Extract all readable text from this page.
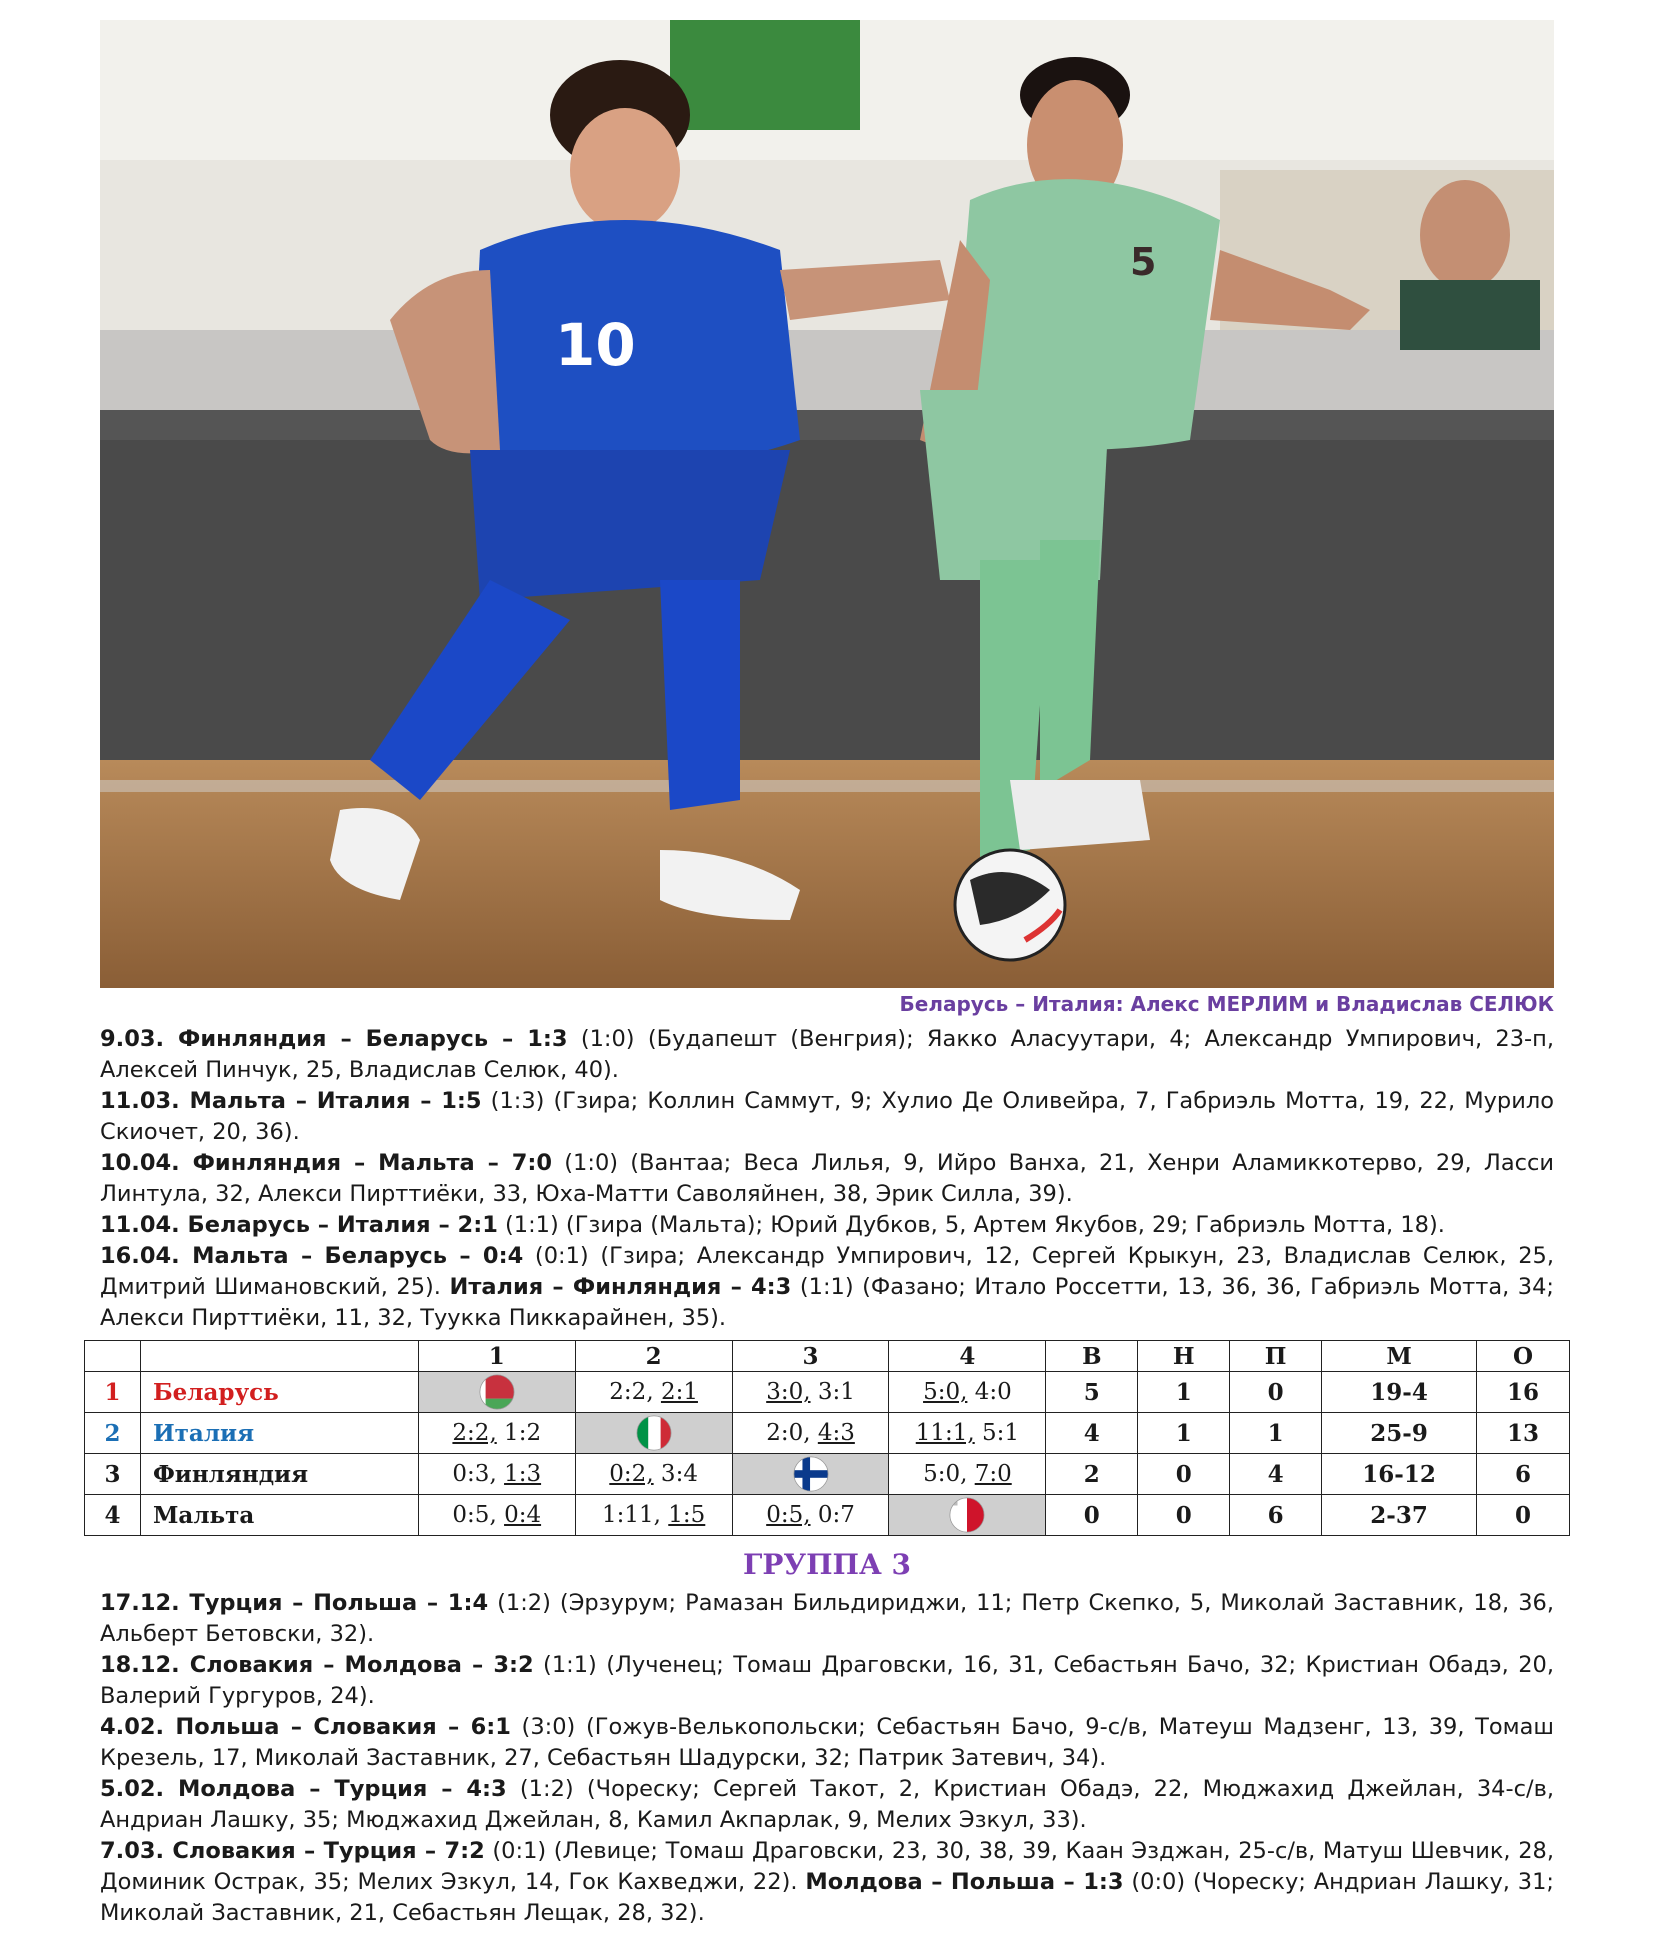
10
5
Беларусь – Италия: Алекс МЕРЛИМ и Владислав СЕЛЮК

9.03. Финляндия – Беларусь – 1:3 (1:0) (Будапешт (Венгрия); Яакко Аласуутари, 4; Александр Умпирович, 23-п, Алексей Пинчук, 25, Владислав Селюк, 40).

11.03. Мальта – Италия – 1:5 (1:3) (Гзира; Коллин Саммут, 9; Хулио Де Оливейра, 7, Габриэль Мотта, 19, 22, Мурило Скиочет, 20, 36).

10.04. Финляндия – Мальта – 7:0 (1:0) (Вантаа; Веса Лилья, 9, Ийро Ванха, 21, Хенри Аламиккотерво, 29, Ласси Линтула, 32, Алекси Пирттиёки, 33, Юха-Матти Саволяйнен, 38, Эрик Силла, 39).

11.04. Беларусь – Италия – 2:1 (1:1) (Гзира (Мальта); Юрий Дубков, 5, Артем Якубов, 29; Габриэль Мотта, 18).

16.04. Мальта – Беларусь – 0:4 (0:1) (Гзира; Александр Умпирович, 12, Сергей Крыкун, 23, Владислав Селюк, 25, Дмитрий Шимановский, 25). Италия – Финляндия – 4:3 (1:1) (Фазано; Итало Россетти, 13, 36, 36, Габриэль Мотта, 34; Алекси Пирттиёки, 11, 32, Туукка Пиккарайнен, 35).

		1	2	3	4	В	Н	П	М	О
1	Беларусь		2:2, 2:1	3:0, 3:1	5:0, 4:0	5	1	0	19-4	16
2	Италия	2:2, 1:2		2:0, 4:3	11:1, 5:1	4	1	1	25-9	13
3	Финляндия	0:3, 1:3	0:2, 3:4		5:0, 7:0	2	0	4	16-12	6
4	Мальта	0:5, 0:4	1:11, 1:5	0:5, 0:7		0	0	6	2-37	0
ГРУППА 3

17.12. Турция – Польша – 1:4 (1:2) (Эрзурум; Рамазан Бильдириджи, 11; Петр Скепко, 5, Миколай Заставник, 18, 36, Альберт Бетовски, 32).

18.12. Словакия – Молдова – 3:2 (1:1) (Лученец; Томаш Драговски, 16, 31, Себастьян Бачо, 32; Кристиан Обадэ, 20, Валерий Гургуров, 24).

4.02. Польша – Словакия – 6:1 (3:0) (Гожув-Велькопольски; Себастьян Бачо, 9-с/в, Матеуш Мадзенг, 13, 39, Томаш Крезель, 17, Миколай Заставник, 27, Себастьян Шадурски, 32; Патрик Затевич, 34).

5.02. Молдова – Турция – 4:3 (1:2) (Чореску; Сергей Такот, 2, Кристиан Обадэ, 22, Мюджахид Джейлан, 34-с/в, Андриан Лашку, 35; Мюджахид Джейлан, 8, Камил Акпарлак, 9, Мелих Эзкул, 33).

7.03. Словакия – Турция – 7:2 (0:1) (Левице; Томаш Драговски, 23, 30, 38, 39, Каан Эзджан, 25-с/в, Матуш Шевчик, 28, Доминик Острак, 35; Мелих Эзкул, 14, Гок Кахведжи, 22). Молдова – Польша – 1:3 (0:0) (Чореску; Андриан Лашку, 31; Миколай Заставник, 21, Себастьян Лещак, 28, 32).
